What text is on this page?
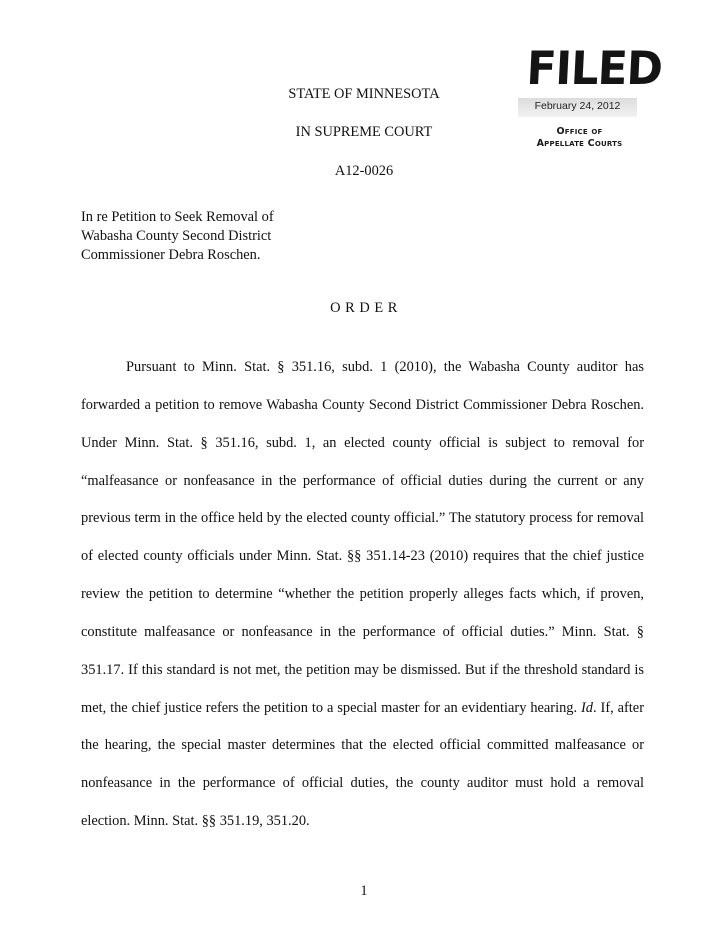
STATE OF MINNESOTA
IN SUPREME COURT
A12-0026
FILED
February 24, 2012
Office of
Appellate Courts
In re Petition to Seek Removal of
Wabasha County Second District
Commissioner Debra Roschen.
O R D E R

Pursuant to Minn. Stat. § 351.16, subd. 1 (2010), the Wabasha County auditor has forwarded a petition to remove Wabasha County Second District Commissioner Debra Roschen. Under Minn. Stat. § 351.16, subd. 1, an elected county official is subject to removal for “malfeasance or nonfeasance in the performance of official duties during the current or any previous term in the office held by the elected county official.” The statutory process for removal of elected county officials under Minn. Stat. §§ 351.14-23 (2010) requires that the chief justice review the petition to determine “whether the petition properly alleges facts which, if proven, constitute malfeasance or nonfeasance in the performance of official duties.” Minn. Stat. § 351.17. If this standard is not met, the petition may be dismissed. But if the threshold standard is met, the chief justice refers the petition to a special master for an evidentiary hearing. Id. If, after the hearing, the special master determines that the elected official committed malfeasance or nonfeasance in the performance of official duties, the county auditor must hold a removal election. Minn. Stat. §§ 351.19, 351.20.

1
